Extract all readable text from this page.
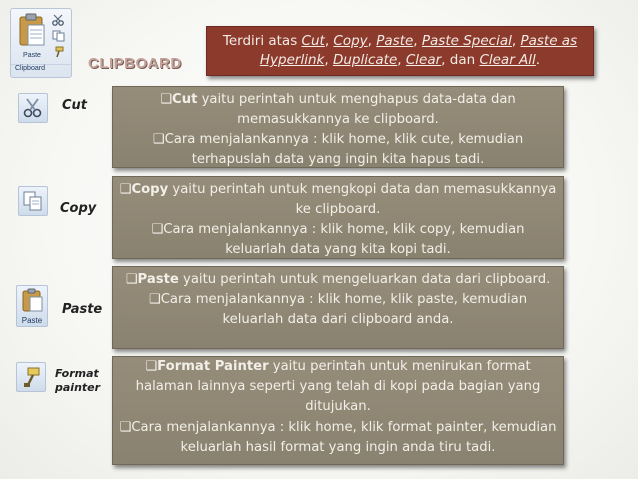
Paste
Clipboard	CLIPBOARD
Terdiri atas Cut, Copy, Paste, Paste Special, Paste as Hyperlink, Duplicate, Clear, dan Clear All.
Cut	❑Cut yaitu perintah untuk menghapus data-data dan memasukkannya ke clipboard.

❑Cara menjalankannya : klik home, klik cute, kemudian terhapuslah data yang ingin kita hapus tadi.

Copy

❑Copy yaitu perintah untuk mengkopi data dan memasukkannya ke clipboard.

❑Cara menjalankannya : klik home, klik copy, kemudian keluarlah data yang kita kopi tadi.

Paste
Paste

❑Paste yaitu perintah untuk mengeluarkan data dari clipboard.

❑Cara menjalankannya : klik home, klik paste, kemudian keluarlah data dari clipboard anda.

Format painter

❑Format Painter yaitu perintah untuk menirukan format halaman lainnya seperti yang telah di kopi pada bagian yang ditujukan.

❑Cara menjalankannya : klik home, klik format painter, kemudian keluarlah hasil format yang ingin anda tiru tadi.
